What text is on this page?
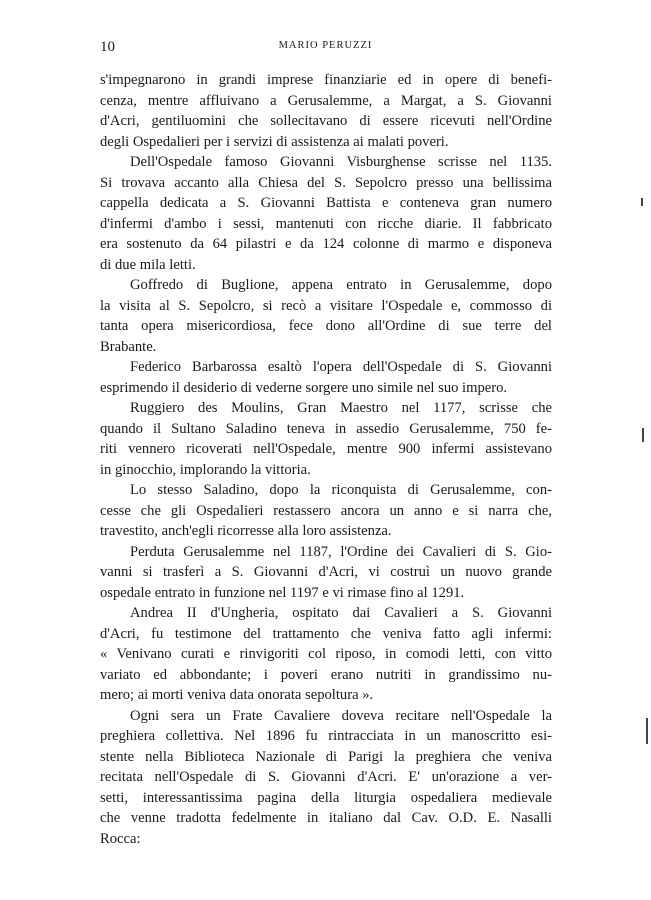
10	MARIO PERUZZI
s'impegnarono in grandi imprese finanziarie ed in opere di benefi-
cenza, mentre affluivano a Gerusalemme, a Margat, a S. Giovanni
d'Acri, gentiluomini che sollecitavano di essere ricevuti nell'Ordine
degli Ospedalieri per i servizi di assistenza ai malati poveri.
Dell'Ospedale famoso Giovanni Visburghense scrisse nel 1135.
Si trovava accanto alla Chiesa del S. Sepolcro presso una bellissima
cappella dedicata a S. Giovanni Battista e conteneva gran numero
d'infermi d'ambo i sessi, mantenuti con ricche diarie. Il fabbricato
era sostenuto da 64 pilastri e da 124 colonne di marmo e disponeva
di due mila letti.
Goffredo di Buglione, appena entrato in Gerusalemme, dopo
la visita al S. Sepolcro, si recò a visitare l'Ospedale e, commosso di
tanta opera misericordiosa, fece dono all'Ordine di sue terre del
Brabante.
Federico Barbarossa esaltò l'opera dell'Ospedale di S. Giovanni
esprimendo il desiderio di vederne sorgere uno simile nel suo impero.
Ruggiero des Moulins, Gran Maestro nel 1177, scrisse che
quando il Sultano Saladino teneva in assedio Gerusalemme, 750 fe-
riti vennero ricoverati nell'Ospedale, mentre 900 infermi assistevano
in ginocchio, implorando la vittoria.
Lo stesso Saladino, dopo la riconquista di Gerusalemme, con-
cesse che gli Ospedalieri restassero ancora un anno e si narra che,
travestito, anch'egli ricorresse alla loro assistenza.
Perduta Gerusalemme nel 1187, l'Ordine dei Cavalieri di S. Gio-
vanni si trasferì a S. Giovanni d'Acri, vi costruì un nuovo grande
ospedale entrato in funzione nel 1197 e vi rimase fino al 1291.
Andrea II d'Ungheria, ospitato dai Cavalieri a S. Giovanni
d'Acri, fu testimone del trattamento che veniva fatto agli infermi:
« Venivano curati e rinvigoriti col riposo, in comodi letti, con vitto
variato ed abbondante; i poveri erano nutriti in grandissimo nu-
mero; ai morti veniva data onorata sepoltura ».
Ogni sera un Frate Cavaliere doveva recitare nell'Ospedale la
preghiera collettiva. Nel 1896 fu rintracciata in un manoscritto esi-
stente nella Biblioteca Nazionale di Parigi la preghiera che veniva
recitata nell'Ospedale di S. Giovanni d'Acri. E' un'orazione a ver-
setti, interessantissima pagina della liturgia ospedaliera medievale
che venne tradotta fedelmente in italiano dal Cav. O.D. E. Nasalli
Rocca:
